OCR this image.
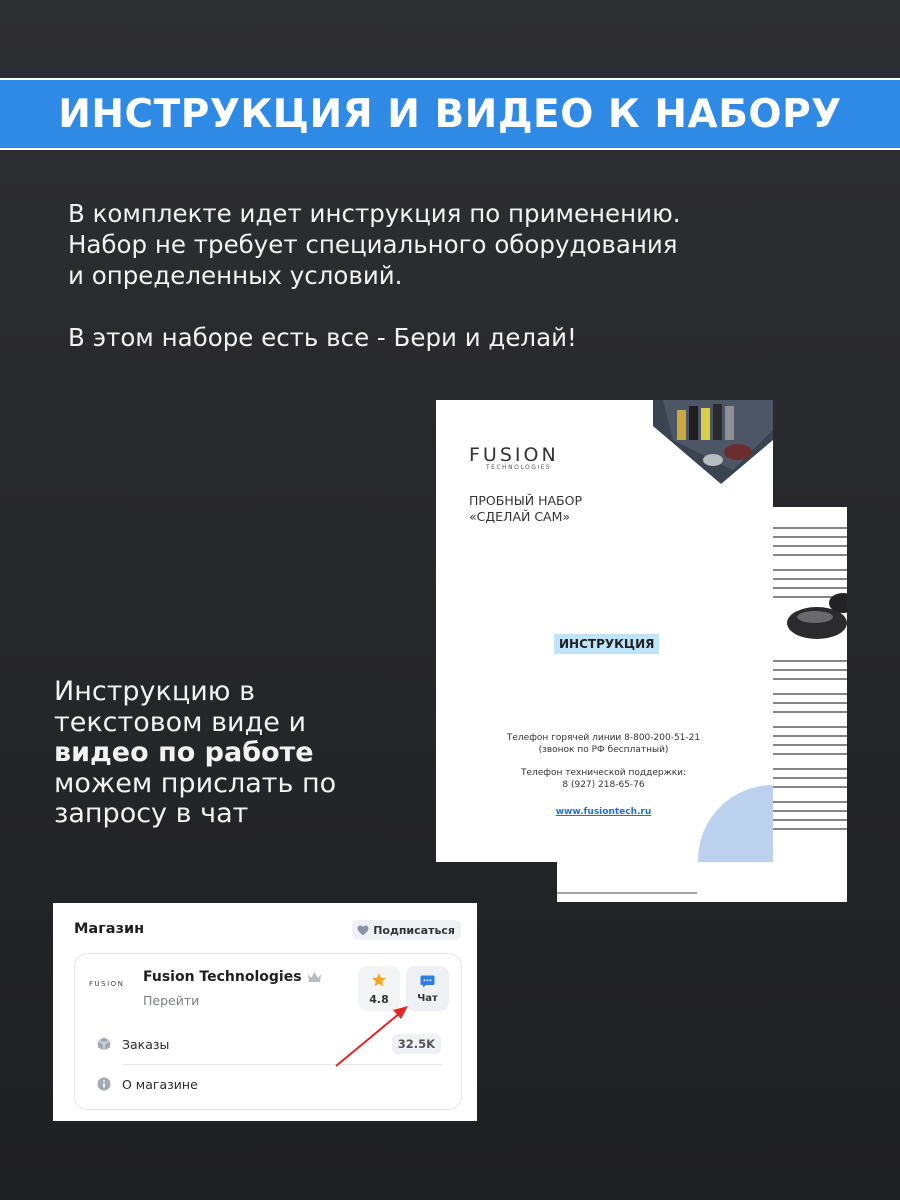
ИНСТРУКЦИЯ И ВИДЕО К НАБОРУ

В комплекте идет инструкция по применению.

Набор не требует специального оборудования

и определенных условий.

В этом наборе есть все - Бери и делай!

Инструкцию в
текстовом виде и
видео по работе
можем прислать по
запросу в чат
FUSION
TECHNOLOGIES
ПРОБНЫЙ НАБОР
«СДЕЛАЙ САМ»
ИНСТРУКЦИЯ
Телефон горячей линии 8-800-200-51-21
(звонок по РФ бесплатный)
Телефон технической поддержки:
8 (927) 218-65-76
www.fusiontech.ru
Магазин	Подписаться
FUSION Fusion Technologies
Перейти	4.8	Чат
Заказы	32.5K
О магазине
